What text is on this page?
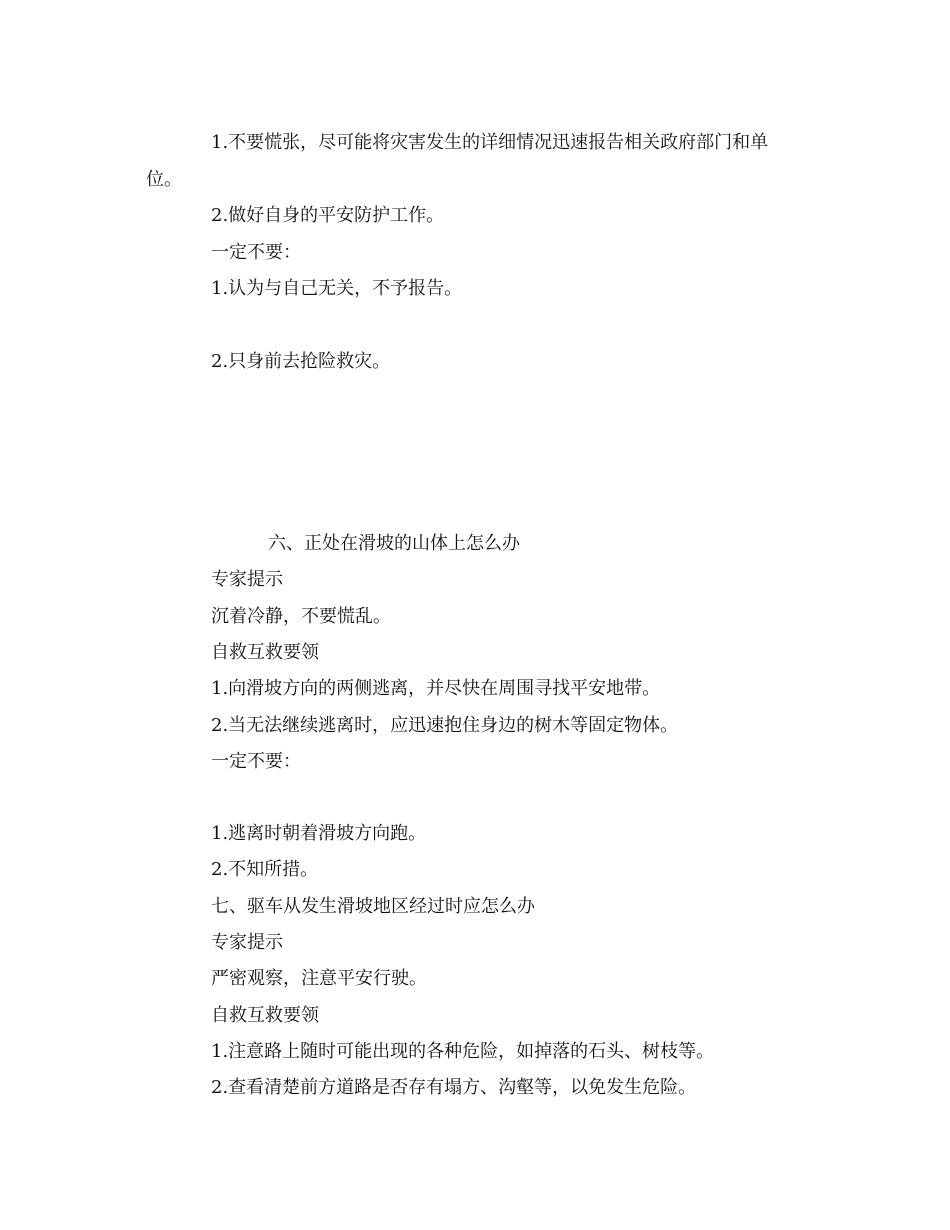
1.不要慌张，尽可能将灾害发生的详细情况迅速报告相关政府部门和单
位。
2.做好自身的平安防护工作。
一定不要：
1.认为与自己无关，不予报告。
2.只身前去抢险救灾。
六、正处在滑坡的山体上怎么办
专家提示
沉着冷静，不要慌乱。
自救互救要领
1.向滑坡方向的两侧逃离，并尽快在周围寻找平安地带。
2.当无法继续逃离时，应迅速抱住身边的树木等固定物体。
一定不要：
1.逃离时朝着滑坡方向跑。
2.不知所措。
七、驱车从发生滑坡地区经过时应怎么办
专家提示
严密观察，注意平安行驶。
自救互救要领
1.注意路上随时可能出现的各种危险，如掉落的石头、树枝等。
2.查看清楚前方道路是否存有塌方、沟壑等，以免发生危险。
